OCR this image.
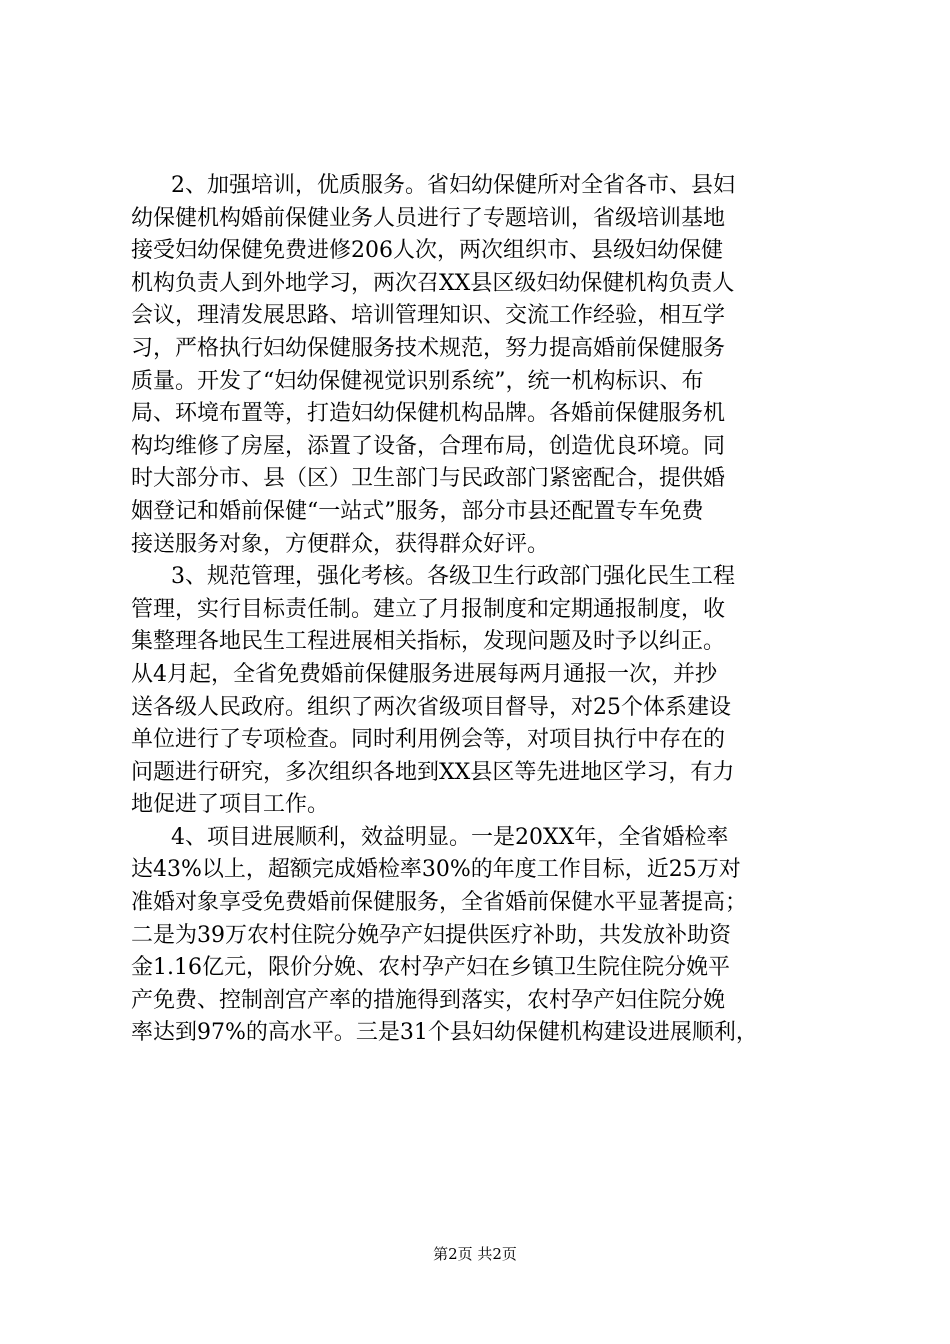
2、加强培训，优质服务。省妇幼保健所对全省各市、县妇
幼保健机构婚前保健业务人员进行了专题培训，省级培训基地
接受妇幼保健免费进修206人次，两次组织市、县级妇幼保健
机构负责人到外地学习，两次召XX县区级妇幼保健机构负责人
会议，理清发展思路、培训管理知识、交流工作经验，相互学
习，严格执行妇幼保健服务技术规范，努力提高婚前保健服务
质量。开发了“妇幼保健视觉识别系统”，统一机构标识、布
局、环境布置等，打造妇幼保健机构品牌。各婚前保健服务机
构均维修了房屋，添置了设备，合理布局，创造优良环境。同
时大部分市、县（区）卫生部门与民政部门紧密配合，提供婚
姻登记和婚前保健“一站式”服务，部分市县还配置专车免费
接送服务对象，方便群众，获得群众好评。
3、规范管理，强化考核。各级卫生行政部门强化民生工程
管理，实行目标责任制。建立了月报制度和定期通报制度，收
集整理各地民生工程进展相关指标，发现问题及时予以纠正。
从4月起，全省免费婚前保健服务进展每两月通报一次，并抄
送各级人民政府。组织了两次省级项目督导，对25个体系建设
单位进行了专项检查。同时利用例会等，对项目执行中存在的
问题进行研究，多次组织各地到XX县区等先进地区学习，有力
地促进了项目工作。
4、项目进展顺利，效益明显。一是20XX年，全省婚检率
达43%以上，超额完成婚检率30%的年度工作目标，近25万对
准婚对象享受免费婚前保健服务，全省婚前保健水平显著提高；
二是为39万农村住院分娩孕产妇提供医疗补助，共发放补助资
金1.16亿元，限价分娩、农村孕产妇在乡镇卫生院住院分娩平
产免费、控制剖宫产率的措施得到落实，农村孕产妇住院分娩
率达到97%的高水平。三是31个县妇幼保健机构建设进展顺利，
第2页 共2页
